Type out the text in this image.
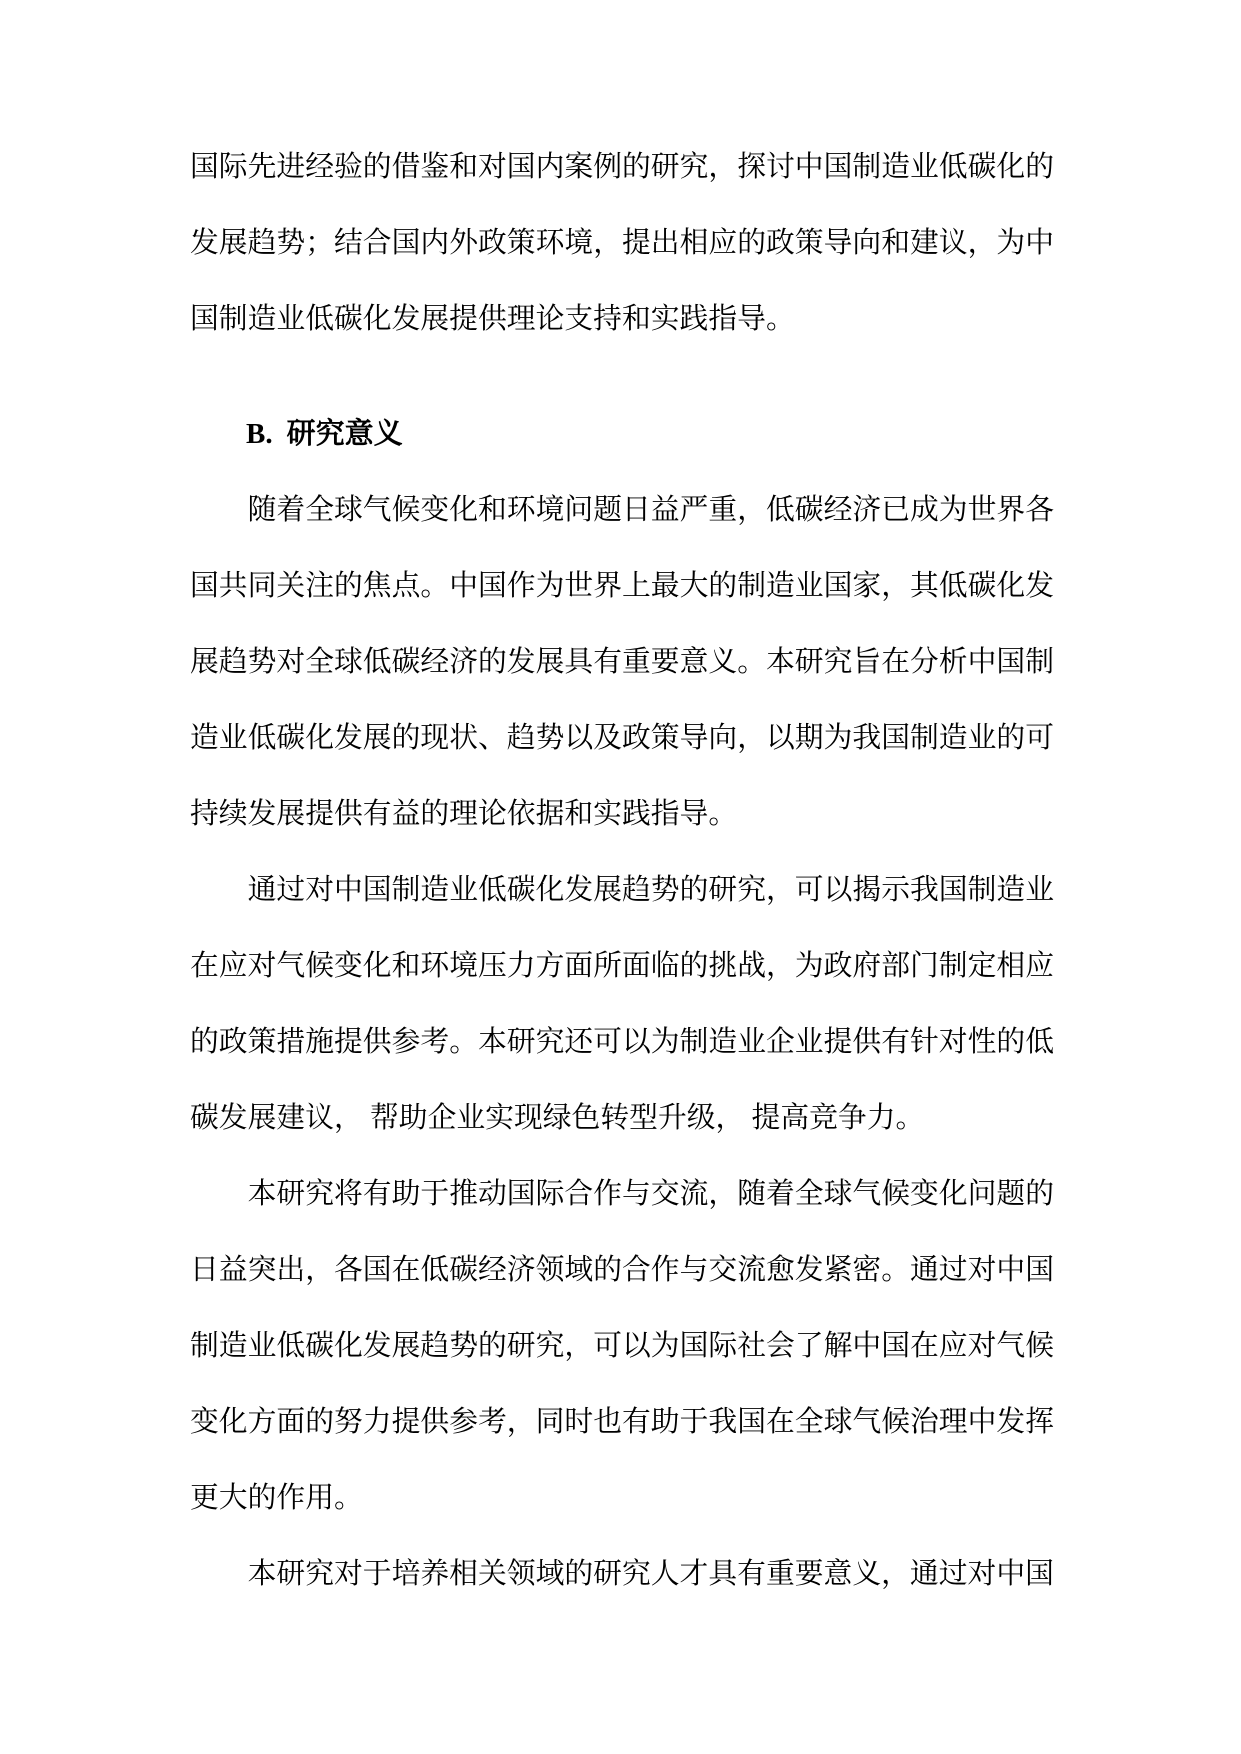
国际先进经验的借鉴和对国内案例的研究，探讨中国制造业低碳化的
发展趋势；结合国内外政策环境，提出相应的政策导向和建议，为中
国制造业低碳化发展提供理论支持和实践指导。
B. 研究意义
随着全球气候变化和环境问题日益严重，低碳经济已成为世界各
国共同关注的焦点。中国作为世界上最大的制造业国家，其低碳化发
展趋势对全球低碳经济的发展具有重要意义。本研究旨在分析中国制
造业低碳化发展的现状、趋势以及政策导向，以期为我国制造业的可
持续发展提供有益的理论依据和实践指导。
通过对中国制造业低碳化发展趋势的研究，可以揭示我国制造业
在应对气候变化和环境压力方面所面临的挑战，为政府部门制定相应
的政策措施提供参考。本研究还可以为制造业企业提供有针对性的低
碳发展建议， 帮助企业实现绿色转型升级， 提高竞争力。
本研究将有助于推动国际合作与交流，随着全球气候变化问题的
日益突出，各国在低碳经济领域的合作与交流愈发紧密。通过对中国
制造业低碳化发展趋势的研究，可以为国际社会了解中国在应对气候
变化方面的努力提供参考，同时也有助于我国在全球气候治理中发挥
更大的作用。
本研究对于培养相关领域的研究人才具有重要意义，通过对中国
